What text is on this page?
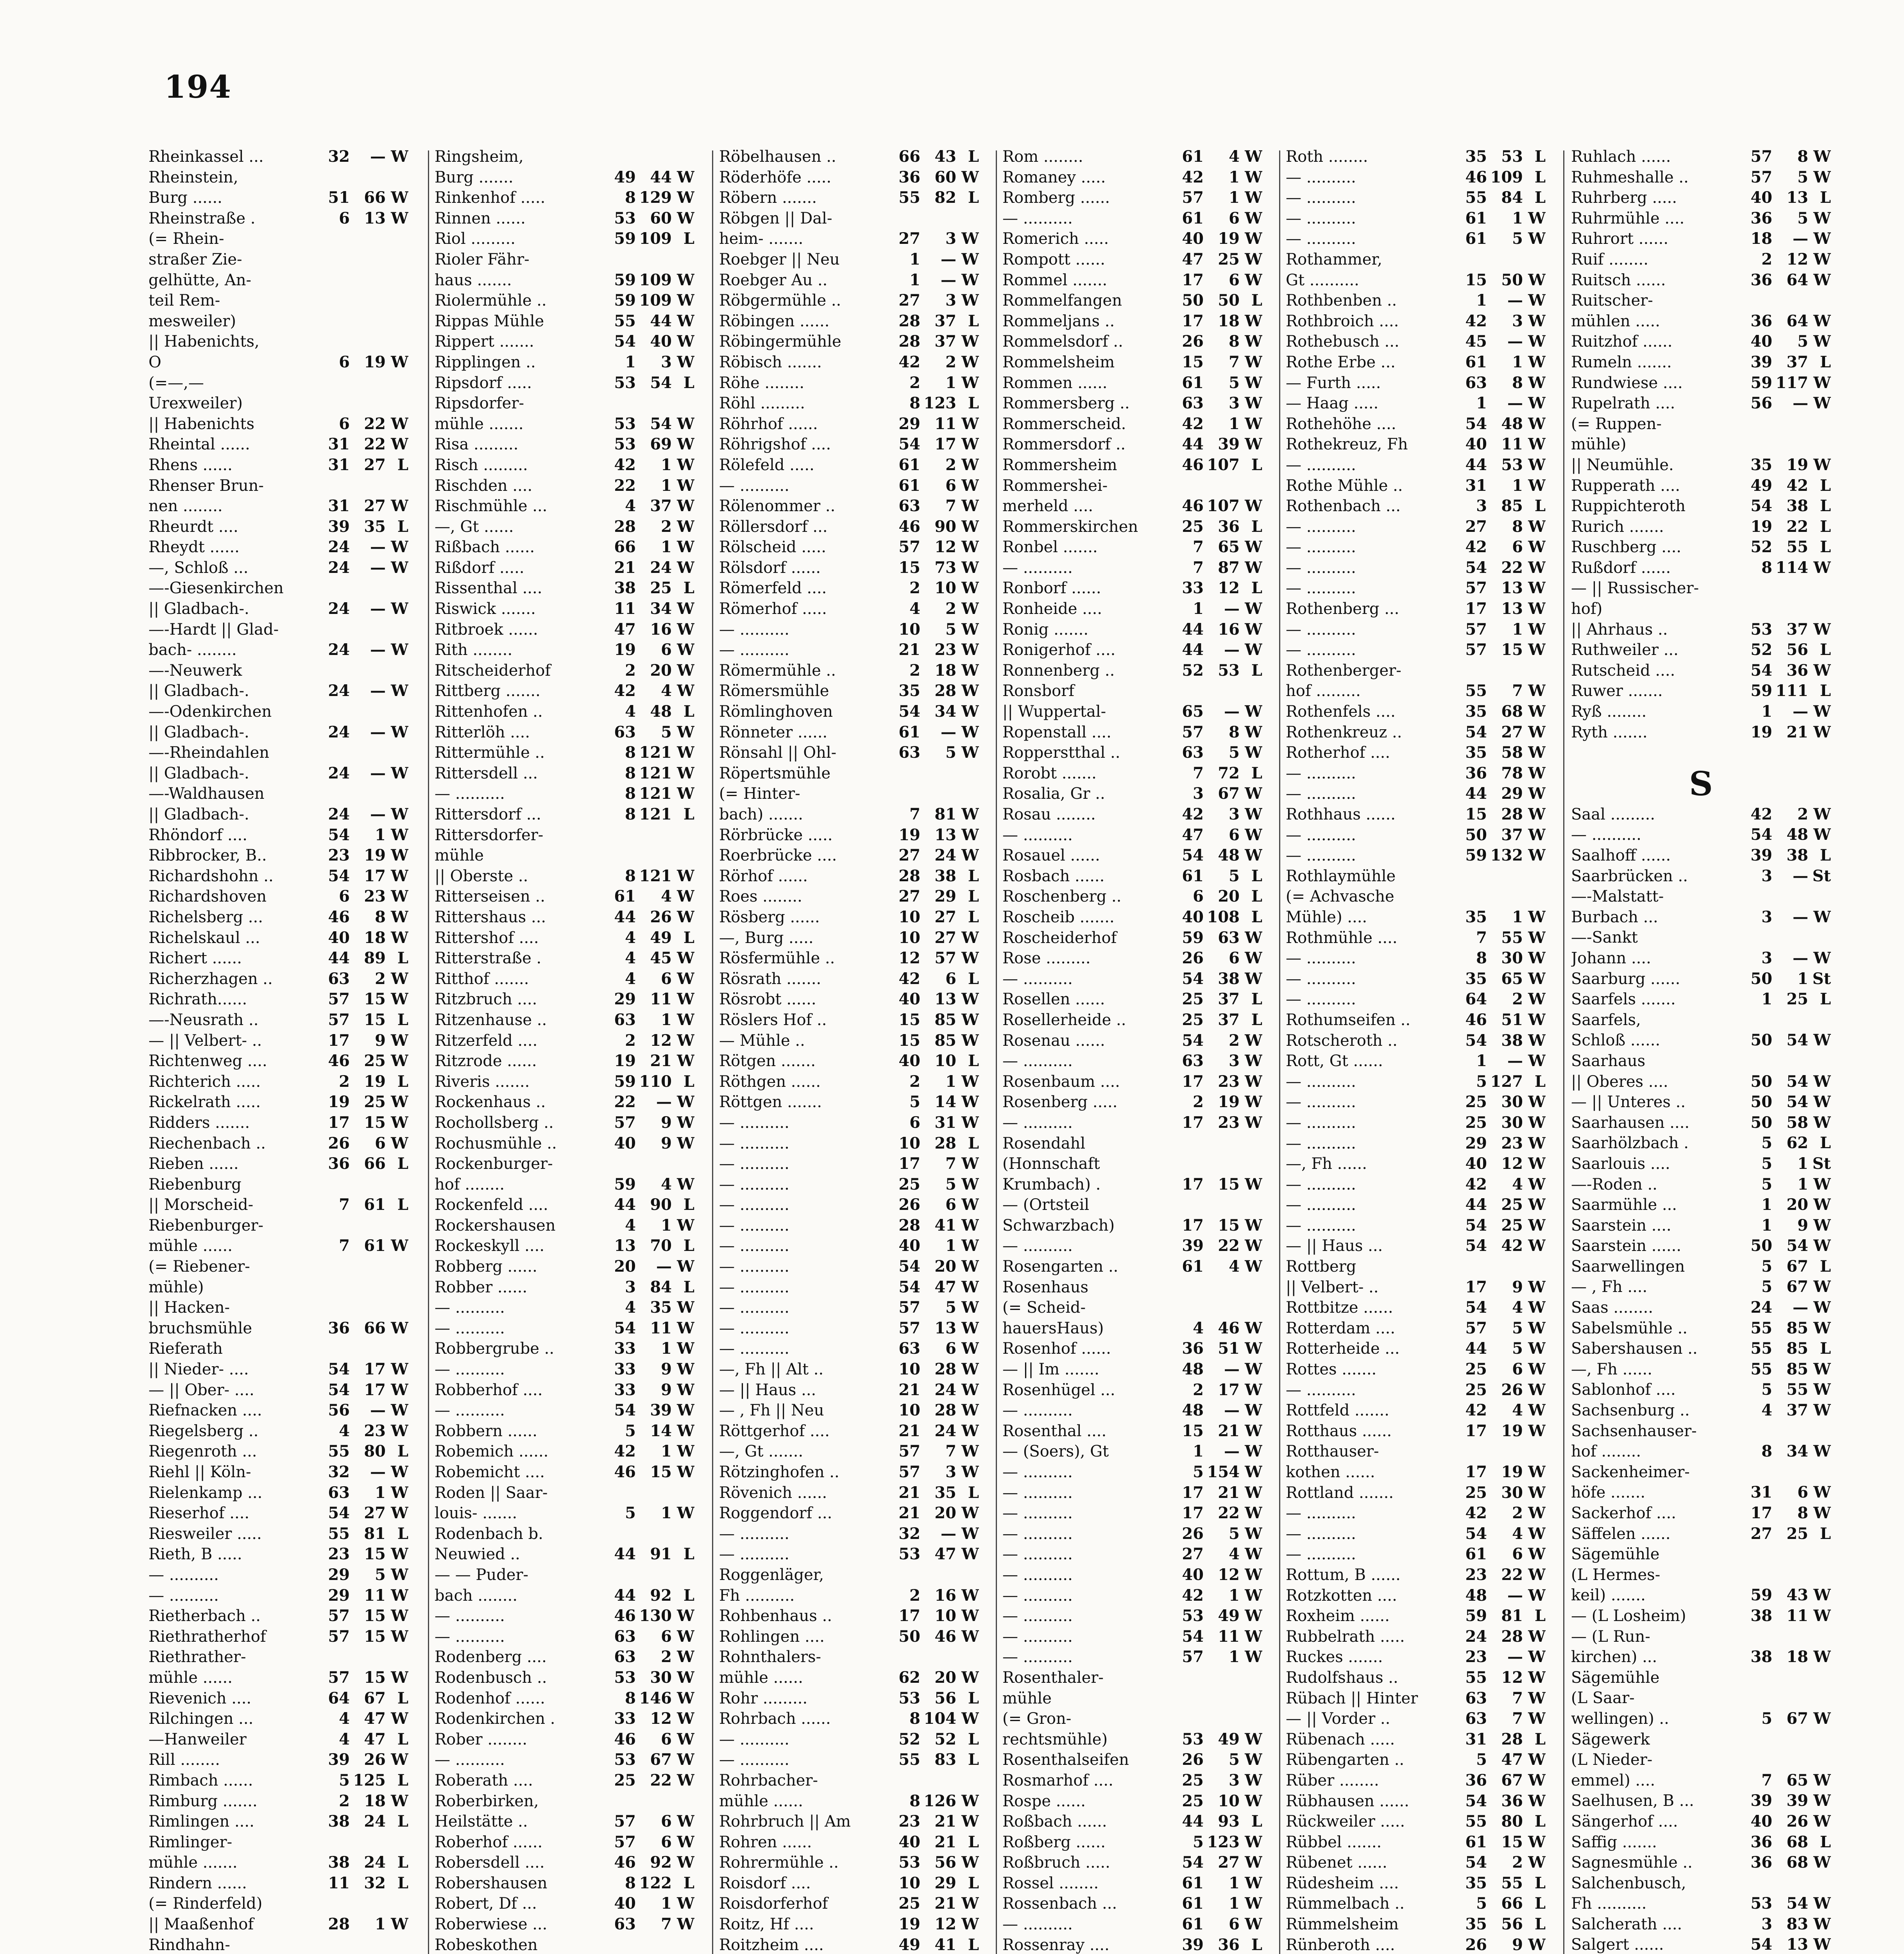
194
Rheinkassel ...	32	— W
Rheinstein,
Burg ......	51 66 W
Rheinstraße .	6 13 W
(= Rhein-
straßer Zie-
gelhütte, An-
teil Rem-
mesweiler)
|| Habenichts,
O	6 19 W
(=—,—
Urexweiler)
|| Habenichts	6 22 W
Rheintal ......	31 22 W
Rhens ......	31 27 L
Rhenser Brun-
nen ........	31 27 W
Rheurdt ....	39 35 L
Rheydt ......	24	— W
—, Schloß ...	24	— W
—-Giesenkirchen
|| Gladbach-.	24	— W
—-Hardt || Glad-
bach- ........	24	— W
—-Neuwerk
|| Gladbach-.	24	— W
—-Odenkirchen
|| Gladbach-.	24	— W
—-Rheindahlen
|| Gladbach-.	24	— W
—-Waldhausen
|| Gladbach-.	24	— W
Rhöndorf ....	54	1 W
Ribbrocker, B..	23 19 W
Richardshohn ..	54 17 W
Richardshoven	6 23 W
Richelsberg ...	46	8 W
Richelskaul ...	40 18 W
Richert ......	44 89 L
Richerzhagen ..	63	2 W
Richrath......	57 15 W
—-Neusrath ..	57 15 L
— || Velbert- ..	17	9 W
Richtenweg ....	46 25 W
Richterich .....	2 19 L
Rickelrath .....	19 25 W
Ridders .......	17 15 W
Riechenbach ..	26	6 W
Rieben ......	36 66 L
Riebenburg
|| Morscheid-	7 61 L
Riebenburger-
mühle ......	7 61 W
(= Riebener-
mühle)
|| Hacken-
bruchsmühle	36 66 W
Rieferath
|| Nieder- ....	54 17 W
— || Ober- ....	54 17 W
Riefnacken ....	56	— W
Riegelsberg ..	4 23 W
Riegenroth ...	55 80 L
Riehl || Köln-	32	— W
Rielenkamp ...	63	1 W
Rieserhof ....	54 27 W
Riesweiler .....	55 81 L
Rieth, B .....	23 15 W
— ..........	29	5 W
— ..........	29 11 W
Rietherbach ..	57 15 W
Riethratherhof	57 15 W
Riethrather-
mühle ......	57 15 W
Rievenich ....	64 67 L
Rilchingen ...	4 47 W
—Hanweiler	4 47 L
Rill ........	39 26 W
Rimbach ......	5 125 L
Rimburg .......	2 18 W
Rimlingen ....	38 24 L
Rimlinger-
mühle .......	38 24 L
Rindern ......	11 32 L
(= Rinderfeld)
|| Maaßenhof	28	1 W
Rindhahn-
Ringsheim,
Burg .......	49 44 W
Rinkenhof .....	8 129 W
Rinnen ......	53 60 W
Riol .........	59 109 L
Rioler Fähr-
haus .......	59 109 W
Riolermühle ..	59 109 W
Rippas Mühle	55 44 W
Rippert .......	54 40 W
Ripplingen ..	1	3 W
Ripsdorf .....	53 54 L
Ripsdorfer-
mühle .......	53 54 W
Risa .........	53 69 W
Risch .........	42	1 W
Rischden ....	22	1 W
Rischmühle ...	4 37 W
—, Gt ......	28	2 W
Rißbach ......	66	1 W
Rißdorf .....	21 24 W
Rissenthal ....	38 25 L
Riswick .......	11 34 W
Ritbroek ......	47 16 W
Rith ........	19	6 W
Ritscheiderhof	2 20 W
Rittberg .......	42	4 W
Rittenhofen ..	4 48 L
Ritterlöh ....	63	5 W
Rittermühle ..	8 121 W
Rittersdell ...	8 121 W
— ..........	8 121 W
Rittersdorf ...	8 121 L
Rittersdorfer-
mühle
|| Oberste ..	8 121 W
Ritterseisen ..	61	4 W
Rittershaus ...	44 26 W
Rittershof ....	4 49 L
Ritterstraße .	4 45 W
Ritthof .......	4	6 W
Ritzbruch ....	29 11 W
Ritzenhause ..	63	1 W
Ritzerfeld ....	2 12 W
Ritzrode ......	19 21 W
Riveris .......	59 110 L
Rockenhaus ..	22	— W
Rochollsberg ..	57	9 W
Rochusmühle ..	40	9 W
Rockenburger-
hof ........	59	4 W
Rockenfeld ....	44 90 L
Rockershausen	4	1 W
Rockeskyll ....	13 70 L
Robberg ......	20	— W
Robber ......	3 84 L
— ..........	4 35 W
— ..........	54 11 W
Robbergrube ..	33	1 W
— ..........	33	9 W
Robberhof ....	33	9 W
— ..........	54 39 W
Robbern ......	5 14 W
Robemich ......	42	1 W
Robemicht ....	46 15 W
Roden || Saar-
louis- .......	5	1 W
Rodenbach b.
Neuwied ..	44 91 L
— — Puder-
bach ........	44 92 L
— ..........	46 130 W
— ..........	63	6 W
Rodenberg ....	63	2 W
Rodenbusch ..	53 30 W
Rodenhof ......	8 146 W
Rodenkirchen .	33 12 W
Rober ........	46	6 W
— ..........	53 67 W
Roberath ....	25 22 W
Roberbirken,
Heilstätte ..	57	6 W
Roberhof ......	57	6 W
Robersdell ....	46 92 W
Robershausen	8 122 L
Robert, Df ...	40	1 W
Roberwiese ...	63	7 W
Robeskothen
Röbelhausen ..	66 43 L
Röderhöfe .....	36 60 W
Röbern .......	55 82 L
Röbgen || Dal-
heim- .......	27	3 W
Roebger || Neu	1	— W
Roebger Au ..	1	— W
Röbgermühle ..	27	3 W
Röbingen ......	28 37 L
Röbingermühle	28 37 W
Röbisch .......	42	2 W
Röhe ........	2	1 W
Röhl .........	8 123 L
Röhrhof ......	29 11 W
Röhrigshof ....	54 17 W
Rölefeld .....	61	2 W
— ..........	61	6 W
Rölenommer ..	63	7 W
Röllersdorf ...	46 90 W
Rölscheid .....	57 12 W
Rölsdorf ......	15 73 W
Römerfeld ....	2 10 W
Römerhof .....	4	2 W
— ..........	10	5 W
— ..........	21 23 W
Römermühle ..	2 18 W
Römersmühle	35 28 W
Römlinghoven	54 34 W
Rönneter ......	61	— W
Rönsahl || Ohl-	63	5 W
Röpertsmühle
(= Hinter-
bach) .......	7 81 W
Rörbrücke .....	19 13 W
Roerbrücke ....	27 24 W
Rörhof ......	28 38 L
Roes ........	27 29 L
Rösberg ......	10 27 L
—, Burg .....	10 27 W
Rösfermühle ..	12 57 W
Rösrath .......	42	6 L
Rösrobt ......	40 13 W
Röslers Hof ..	15 85 W
— Mühle ..	15 85 W
Rötgen .......	40 10 L
Röthgen ......	2	1 W
Röttgen .......	5 14 W
— ..........	6 31 W
— ..........	10 28 L
— ..........	17	7 W
— ..........	25	5 W
— ..........	26	6 W
— ..........	28 41 W
— ..........	40	1 W
— ..........	54 20 W
— ..........	54 47 W
— ..........	57	5 W
— ..........	57 13 W
— ..........	63	6 W
—, Fh || Alt ..	10 28 W
— || Haus ...	21 24 W
— , Fh || Neu	10 28 W
Röttgerhof ....	21 24 W
—, Gt .......	57	7 W
Rötzinghofen ..	57	3 W
Rövenich ......	21 35 L
Roggendorf ...	21 20 W
— ..........	32	— W
— ..........	53 47 W
Roggenläger,
Fh ..........	2 16 W
Rohbenhaus ..	17 10 W
Rohlingen ....	50 46 W
Rohnthalers-
mühle ......	62 20 W
Rohr .........	53 56 L
Rohrbach ......	8 104 W
— ..........	52 52 L
— ..........	55 83 L
Rohrbacher-
mühle ......	8 126 W
Rohrbruch || Am	23 21 W
Rohren ......	40 21 L
Rohrermühle ..	53 56 W
Roisdorf ....	10 29 L
Roisdorferhof	25 21 W
Roitz, Hf ....	19 12 W
Roitzheim ....	49 41 L
Rom ........	61	4 W
Romaney .....	42	1 W
Romberg ......	57	1 W
— ..........	61	6 W
Romerich .....	40 19 W
Rompott ......	47 25 W
Rommel .......	17	6 W
Rommelfangen	50 50 L
Rommeljans ..	17 18 W
Rommelsdorf ..	26	8 W
Rommelsheim	15	7 W
Rommen ......	61	5 W
Rommersberg ..	63	3 W
Rommerscheid.	42	1 W
Rommersdorf ..	44 39 W
Rommersheim	46 107 L
Rommershei-
merheld ....	46 107 W
Rommerskirchen	25 36 L
Ronbel .......	7 65 W
— ..........	7 87 W
Ronborf ......	33 12 L
Ronheide ....	1	— W
Ronig .......	44 16 W
Ronigerhof ....	44	— W
Ronnenberg ..	52 53 L
Ronsborf
|| Wuppertal-	65	— W
Ropenstall ....	57	8 W
Ropperstthal ..	63	5 W
Rorobt .......	7 72 L
Rosalia, Gr ..	3 67 W
Rosau ........	42	3 W
— ..........	47	6 W
Rosauel ......	54 48 W
Rosbach ......	61	5 L
Roschenberg ..	6 20 L
Roscheib .......	40 108 L
Roscheiderhof	59 63 W
Rose .........	26	6 W
— ..........	54 38 W
Rosellen ......	25 37 L
Rosellerheide ..	25 37 L
Rosenau ......	54	2 W
— ..........	63	3 W
Rosenbaum ....	17 23 W
Rosenberg .....	2 19 W
— ..........	17 23 W
Rosendahl
(Honnschaft
Krumbach) .	17 15 W
— (Ortsteil
Schwarzbach)	17 15 W
— ..........	39 22 W
Rosengarten ..	61	4 W
Rosenhaus
(= Scheid-
hauersHaus)	4 46 W
Rosenhof ......	36 51 W
— || Im .......	48	— W
Rosenhügel ...	2 17 W
— ..........	48	— W
Rosenthal ....	15 21 W
— (Soers), Gt	1	— W
— ..........	5 154 W
— ..........	17 21 W
— ..........	17 22 W
— ..........	26	5 W
— ..........	27	4 W
— ..........	40 12 W
— ..........	42	1 W
— ..........	53 49 W
— ..........	54 11 W
— ..........	57	1 W
Rosenthaler-
mühle
(= Gron-
rechtsmühle)	53 49 W
Rosenthalseifen	26	5 W
Rosmarhof ....	25	3 W
Rospe ......	25 10 W
Roßbach ......	44 93 L
Roßberg ......	5 123 W
Roßbruch .....	54 27 W
Rossel ........	61	1 W
Rossenbach ...	61	1 W
— ..........	61	6 W
Rossenray ....	39 36 L
Roth ........	35 53 L
— ..........	46 109 L
— ..........	55 84 L
— ..........	61	1 W
— ..........	61	5 W
Rothammer,
Gt ..........	15 50 W
Rothbenben ..	1	— W
Rothbroich ....	42	3 W
Rothebusch ...	45	— W
Rothe Erbe ...	61	1 W
— Furth .....	63	8 W
— Haag .....	1	— W
Rothehöhe ....	54 48 W
Rothekreuz, Fh	40 11 W
— ..........	44 53 W
Rothe Mühle ..	31	1 W
Rothenbach ...	3 85 L
— ..........	27	8 W
— ..........	42	6 W
— ..........	54 22 W
— ..........	57 13 W
Rothenberg ...	17 13 W
— ..........	57	1 W
— ..........	57 15 W
Rothenberger-
hof .........	55	7 W
Rothenfels ....	35 68 W
Rothenkreuz ..	54 27 W
Rotherhof ....	35 58 W
— ..........	36 78 W
— ..........	44 29 W
Rothhaus ......	15 28 W
— ..........	50 37 W
— ..........	59 132 W
Rothlaymühle
(= Achvasche
Mühle) ....	35	1 W
Rothmühle ....	7 55 W
— ..........	8 30 W
— ..........	35 65 W
— ..........	64	2 W
Rothumseifen ..	46 51 W
Rotscheroth ..	54 38 W
Rott, Gt ......	1	— W
— ..........	5 127 L
— ..........	25 30 W
— ..........	25 30 W
— ..........	29 23 W
—, Fh ......	40 12 W
— ..........	42	4 W
— ..........	44 25 W
— ..........	54 25 W
— || Haus ...	54 42 W
Rottberg
|| Velbert- ..	17	9 W
Rottbitze ......	54	4 W
Rotterdam ....	57	5 W
Rotterheide ...	44	5 W
Rottes .......	25	6 W
— ..........	25 26 W
Rottfeld .......	42	4 W
Rotthaus ......	17 19 W
Rotthauser-
kothen ......	17 19 W
Rottland .......	25 30 W
— ..........	42	2 W
— ..........	54	4 W
— ..........	61	6 W
Rottum, B ......	23 22 W
Rotzkotten ....	48	— W
Roxheim ......	59 81 L
Rubbelrath .....	24 28 W
Ruckes .......	23	— W
Rudolfshaus ..	55 12 W
Rübach || Hinter	63	7 W
— || Vorder ..	63	7 W
Rübenach .....	31 28 L
Rübengarten ..	5 47 W
Rüber ........	36 67 W
Rübhausen ......	54 36 W
Rückweiler .....	55 80 L
Rübbel .......	61 15 W
Rübenet ......	54	2 W
Rüdesheim ....	35 55 L
Rümmelbach ..	5 66 L
Rümmelsheim	35 56 L
Rünberoth ....	26	9 W
Ruhlach ......	57	8 W
Ruhmeshalle ..	57	5 W
Ruhrberg .....	40 13 L
Ruhrmühle ....	36	5 W
Ruhrort ......	18	— W
Ruif ........	2 12 W
Ruitsch ......	36 64 W
Ruitscher-
mühlen .....	36 64 W
Ruitzhof ......	40	5 W
Rumeln .......	39 37 L
Rundwiese ....	59 117 W
Rupelrath ....	56	— W
(= Ruppen-
mühle)
|| Neumühle.	35 19 W
Rupperath ....	49 42 L
Ruppichteroth	54 38 L
Rurich .......	19 22 L
Ruschberg ....	52 55 L
Rußdorf ......	8 114 W
— || Russischer-
hof)
|| Ahrhaus ..	53 37 W
Ruthweiler ...	52 56 L
Rutscheid ....	54 36 W
Ruwer .......	59 111 L
Ryß ........	1	— W
Ryth .......	19 21 W
S
Saal .........	42	2 W
— ..........	54 48 W
Saalhoff ......	39 38 L
Saarbrücken ..	3	— St
—-Malstatt-
Burbach ...	3	— W
—-Sankt
Johann ....	3	— W
Saarburg ......	50	1 St
Saarfels .......	1 25 L
Saarfels,
Schloß ......	50 54 W
Saarhaus
|| Oberes ....	50 54 W
— || Unteres ..	50 54 W
Saarhausen ....	50 58 W
Saarhölzbach .	5 62 L
Saarlouis ....	5	1 St
—-Roden ..	5	1 W
Saarmühle ...	1 20 W
Saarstein ....	1	9 W
Saarstein ......	50 54 W
Saarwellingen	5 67 L
— , Fh ....	5 67 W
Saas ........	24	— W
Sabelsmühle ..	55 85 W
Sabershausen ..	55 85 L
—, Fh ......	55 85 W
Sablonhof ....	5 55 W
Sachsenburg ..	4 37 W
Sachsenhauser-
hof ........	8 34 W
Sackenheimer-
höfe .......	31	6 W
Sackerhof ....	17	8 W
Säffelen ......	27 25 L
Sägemühle
(L Hermes-
keil) .......	59 43 W
— (L Losheim)	38 11 W
— (L Run-
kirchen) ...	38 18 W
Sägemühle
(L Saar-
wellingen) ..	5 67 W
Sägewerk
(L Nieder-
emmel) ....	7 65 W
Saelhusen, B ...	39 39 W
Sängerhof ....	40 26 W
Saffig .......	36 68 L
Sagnesmühle ..	36 68 W
Salchenbusch,
Fh ..........	53 54 W
Salcherath ....	3 83 W
Salgert ......	54 13 W
